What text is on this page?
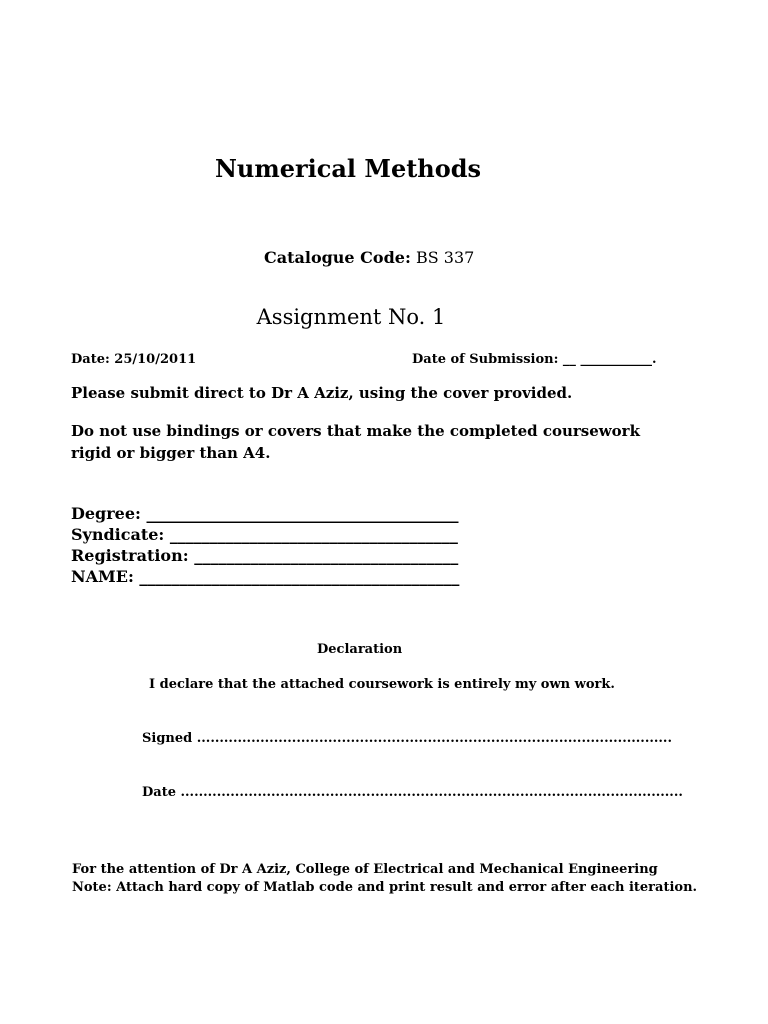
Numerical Methods
Catalogue Code: BS 337
Assignment No. 1
Date: 25/10/2011	Date of Submission: __ ___________.
Please submit direct to Dr A Aziz, using the cover provided.
Do not use bindings or covers that make the completed coursework rigid or bigger than A4.
Degree: _______________________________________
Syndicate: ____________________________________
Registration: _________________________________
NAME: ________________________________________
Declaration
I declare that the attached coursework is entirely my own work.
Signed .........................................................................................................
Date ...............................................................................................................
For the attention of Dr A Aziz, College of Electrical and Mechanical Engineering
Note: Attach hard copy of Matlab code and print result and error after each iteration.
